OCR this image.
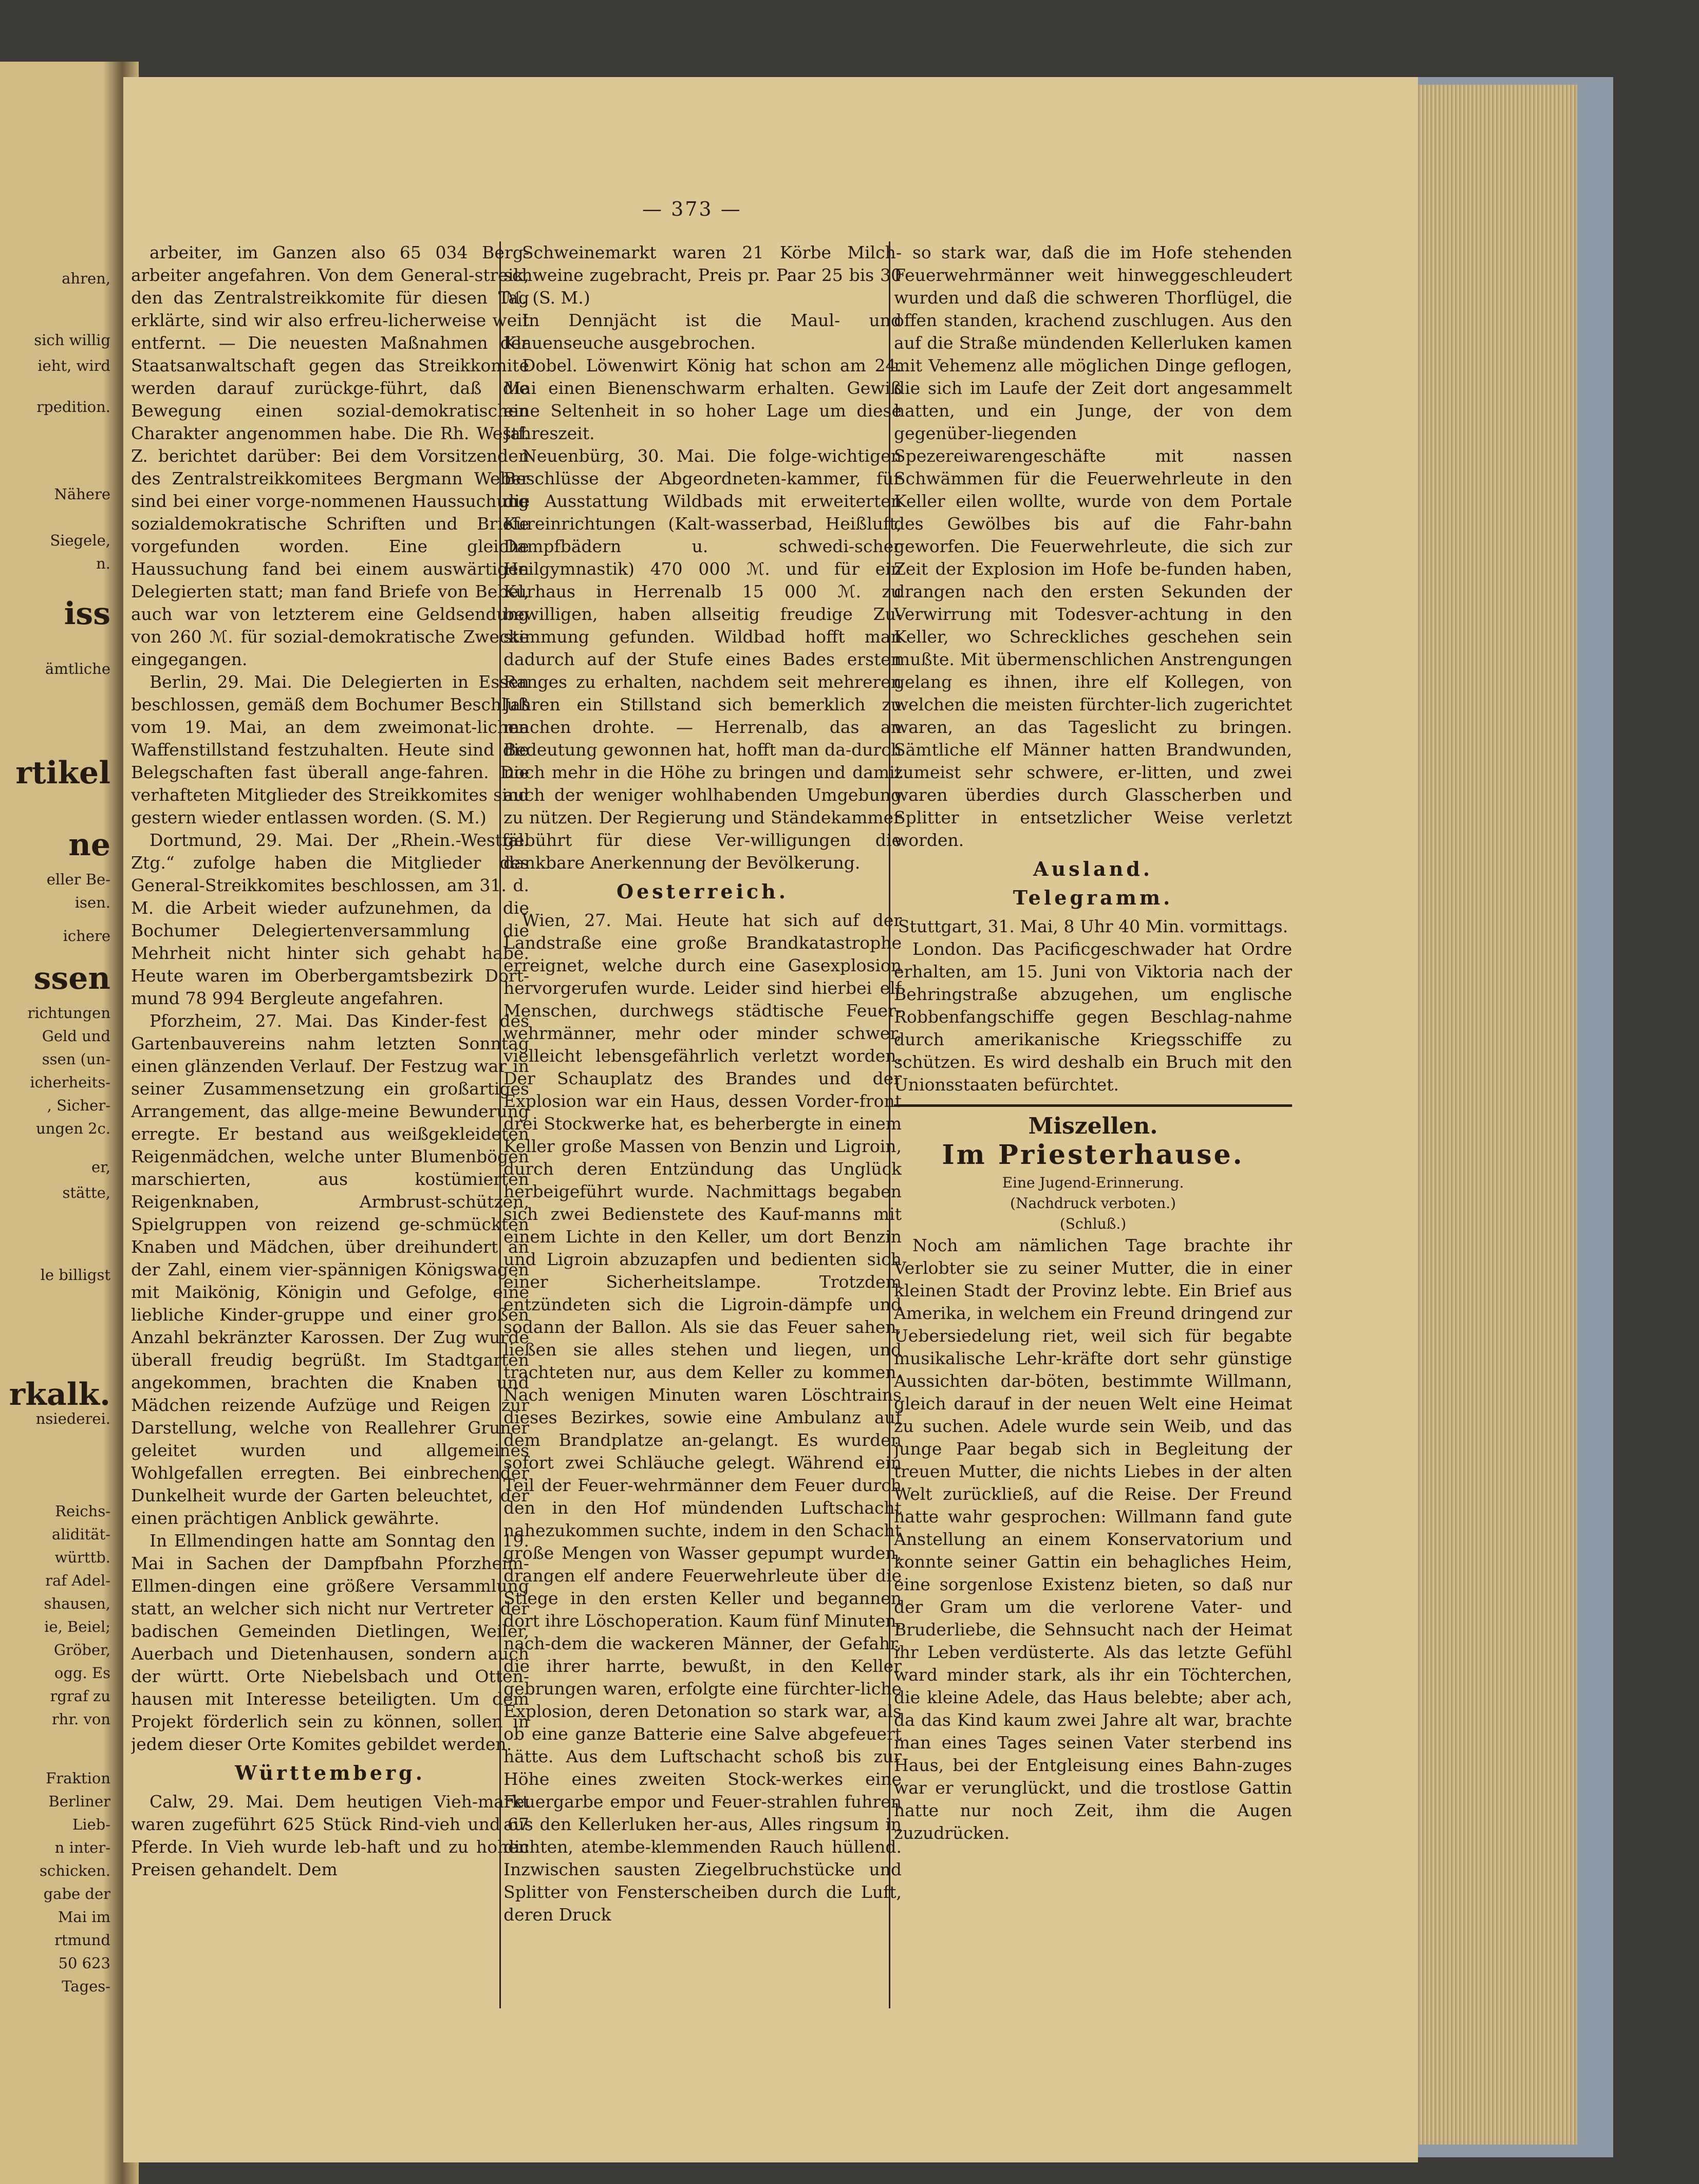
— 373 —

arbeiter, im Ganzen also 65 034 Berg-arbeiter angefahren. Von dem General-streik, den das Zentralstreikkomite für diesen Tag erklärte, sind wir also erfreu-licherweise weit entfernt. — Die neuesten Maßnahmen der Staatsanwaltschaft gegen das Streikkomite werden darauf zurückge-führt, daß die Bewegung einen sozial-demokratischen Charakter angenommen habe. Die Rh. Westf. Z. berichtet darüber: Bei dem Vorsitzenden des Zentralstreikkomitees Bergmann Weber sind bei einer vorge-nommenen Haussuchung sozialdemokratische Schriften und Briefe vorgefunden worden. Eine gleiche Haussuchung fand bei einem auswärtigen Delegierten statt; man fand Briefe von Bebel, auch war von letzterem eine Geldsendung von 260 ℳ. für sozial-demokratische Zwecke eingegangen.

Berlin, 29. Mai. Die Delegierten in Essen beschlossen, gemäß dem Bochumer Beschluß vom 19. Mai, an dem zweimonat-lichen Waffenstillstand festzuhalten. Heute sind die Belegschaften fast überall ange-fahren. Die verhafteten Mitglieder des Streikkomites sind gestern wieder entlassen worden. (S. M.)

Dortmund, 29. Mai. Der „Rhein.-Westfäl. Ztg.“ zufolge haben die Mitglieder des General-Streikkomites beschlossen, am 31. d. M. die Arbeit wieder aufzunehmen, da die Bochumer Delegiertenversammlung die Mehrheit nicht hinter sich gehabt habe. Heute waren im Oberbergamtsbezirk Dort-mund 78 994 Bergleute angefahren.

Pforzheim, 27. Mai. Das Kinder-fest des Gartenbauvereins nahm letzten Sonntag einen glänzenden Verlauf. Der Festzug war in seiner Zusammensetzung ein großartiges Arrangement, das allge-meine Bewunderung erregte. Er bestand aus weißgekleideten Reigenmädchen, welche unter Blumenbögen marschierten, aus kostümierten Reigenknaben, Armbrust-schützen, Spielgruppen von reizend ge-schmückten Knaben und Mädchen, über dreihundert an der Zahl, einem vier-spännigen Königswagen mit Maikönig, Königin und Gefolge, eine liebliche Kinder-gruppe und einer großen Anzahl bekränzter Karossen. Der Zug wurde überall freudig begrüßt. Im Stadtgarten angekommen, brachten die Knaben und Mädchen reizende Aufzüge und Reigen zur Darstellung, welche von Reallehrer Gruner geleitet wurden und allgemeines Wohlgefallen erregten. Bei einbrechender Dunkelheit wurde der Garten beleuchtet, der einen prächtigen Anblick gewährte.

In Ellmendingen hatte am Sonntag den 19. Mai in Sachen der Dampfbahn Pforzheim-Ellmen-dingen eine größere Versammlung statt, an welcher sich nicht nur Vertreter der badischen Gemeinden Dietlingen, Weiler, Auerbach und Dietenhausen, sondern auch der württ. Orte Niebelsbach und Otten-hausen mit Interesse beteiligten. Um dem Projekt förderlich sein zu können, sollen in jedem dieser Orte Komites gebildet werden.

Württemberg.

Calw, 29. Mai. Dem heutigen Vieh-markt waren zugeführt 625 Stück Rind-vieh und 67 Pferde. In Vieh wurde leb-haft und zu hohen Preisen gehandelt. Dem

Schweinemarkt waren 21 Körbe Milch-schweine zugebracht, Preis pr. Paar 25 bis 30 ℳ. (S. M.)

In Dennjächt ist die Maul- und Klauenseuche ausgebrochen.

Dobel. Löwenwirt König hat schon am 24. Mai einen Bienenschwarm erhalten. Gewiß eine Seltenheit in so hoher Lage um diese Jahreszeit.

Neuenbürg, 30. Mai. Die folge-wichtigen Beschlüsse der Abgeordneten-kammer, für die Ausstattung Wildbads mit erweiterten Kureinrichtungen (Kalt-wasserbad, Heißluft, Dampfbädern u. schwedi-scher Heilgymnastik) 470 000 ℳ. und für ein Kurhaus in Herrenalb 15 000 ℳ. zu bewilligen, haben allseitig freudige Zu-stimmung gefunden. Wildbad hofft man dadurch auf der Stufe eines Bades ersten Ranges zu erhalten, nachdem seit mehreren Jahren ein Stillstand sich bemerklich zu machen drohte. — Herrenalb, das an Bedeutung gewonnen hat, hofft man da-durch noch mehr in die Höhe zu bringen und damit auch der weniger wohlhabenden Umgebung zu nützen. Der Regierung und Ständekammer gebührt für diese Ver-willigungen die dankbare Anerkennung der Bevölkerung.

Oesterreich.

Wien, 27. Mai. Heute hat sich auf der Landstraße eine große Brandkatastrophe erreignet, welche durch eine Gasexplosion hervorgerufen wurde. Leider sind hierbei elf Menschen, durchwegs städtische Feuer-wehrmänner, mehr oder minder schwer, vielleicht lebensgefährlich verletzt worden. Der Schauplatz des Brandes und der Explosion war ein Haus, dessen Vorder-front drei Stockwerke hat, es beherbergte in einem Keller große Massen von Benzin und Ligroin, durch deren Entzündung das Unglück herbeigeführt wurde. Nachmittags begaben sich zwei Bedienstete des Kauf-manns mit einem Lichte in den Keller, um dort Benzin und Ligroin abzuzapfen und bedienten sich einer Sicherheitslampe. Trotzdem entzündeten sich die Ligroin-dämpfe und sodann der Ballon. Als sie das Feuer sahen, ließen sie alles stehen und liegen, und trachteten nur, aus dem Keller zu kommen. Nach wenigen Minuten waren Löschtrains dieses Bezirkes, sowie eine Ambulanz auf dem Brandplatze an-gelangt. Es wurden sofort zwei Schläuche gelegt. Während ein Teil der Feuer-wehrmänner dem Feuer durch den in den Hof mündenden Luftschacht nahezukommen suchte, indem in den Schacht große Mengen von Wasser gepumpt wurden, drangen elf andere Feuerwehrleute über die Stiege in den ersten Keller und begannen dort ihre Löschoperation. Kaum fünf Minuten, nach-dem die wackeren Männer, der Gefahr, die ihrer harrte, bewußt, in den Keller gebrungen waren, erfolgte eine fürchter-liche Explosion, deren Detonation so stark war, als ob eine ganze Batterie eine Salve abgefeuert hätte. Aus dem Luftschacht schoß bis zur Höhe eines zweiten Stock-werkes eine Feuergarbe empor und Feuer-strahlen fuhren aus den Kellerluken her-aus, Alles ringsum in dichten, atembe-klemmenden Rauch hüllend. Inzwischen sausten Ziegelbruchstücke und Splitter von Fensterscheiben durch die Luft, deren Druck

so stark war, daß die im Hofe stehenden Feuerwehrmänner weit hinweggeschleudert wurden und daß die schweren Thorflügel, die offen standen, krachend zuschlugen. Aus den auf die Straße mündenden Kellerluken kamen mit Vehemenz alle möglichen Dinge geflogen, die sich im Laufe der Zeit dort angesammelt hatten, und ein Junge, der von dem gegenüber-liegenden Spezereiwarengeschäfte mit nassen Schwämmen für die Feuerwehrleute in den Keller eilen wollte, wurde von dem Portale des Gewölbes bis auf die Fahr-bahn geworfen. Die Feuerwehrleute, die sich zur Zeit der Explosion im Hofe be-funden haben, drangen nach den ersten Sekunden der Verwirrung mit Todesver-achtung in den Keller, wo Schreckliches geschehen sein mußte. Mit übermenschlichen Anstrengungen gelang es ihnen, ihre elf Kollegen, von welchen die meisten fürchter-lich zugerichtet waren, an das Tageslicht zu bringen. Sämtliche elf Männer hatten Brandwunden, zumeist sehr schwere, er-litten, und zwei waren überdies durch Glasscherben und Splitter in entsetzlicher Weise verletzt worden.

Ausland.
Telegramm.

Stuttgart, 31. Mai, 8 Uhr 40 Min. vormittags.

London. Das Pacificgeschwader hat Ordre erhalten, am 15. Juni von Viktoria nach der Behringstraße abzugehen, um englische Robbenfangschiffe gegen Beschlag-nahme durch amerikanische Kriegsschiffe zu schützen. Es wird deshalb ein Bruch mit den Unionsstaaten befürchtet.

Miszellen.
Im Priesterhause.
Eine Jugend-Erinnerung.
(Nachdruck verboten.)
(Schluß.)

Noch am nämlichen Tage brachte ihr Verlobter sie zu seiner Mutter, die in einer kleinen Stadt der Provinz lebte. Ein Brief aus Amerika, in welchem ein Freund dringend zur Uebersiedelung riet, weil sich für begabte musikalische Lehr-kräfte dort sehr günstige Aussichten dar-böten, bestimmte Willmann, gleich darauf in der neuen Welt eine Heimat zu suchen. Adele wurde sein Weib, und das junge Paar begab sich in Begleitung der treuen Mutter, die nichts Liebes in der alten Welt zurückließ, auf die Reise. Der Freund hatte wahr gesprochen: Willmann fand gute Anstellung an einem Konservatorium und konnte seiner Gattin ein behagliches Heim, eine sorgenlose Existenz bieten, so daß nur der Gram um die verlorene Vater- und Bruderliebe, die Sehnsucht nach der Heimat ihr Leben verdüsterte. Als das letzte Gefühl ward minder stark, als ihr ein Töchterchen, die kleine Adele, das Haus belebte; aber ach, da das Kind kaum zwei Jahre alt war, brachte man eines Tages seinen Vater sterbend ins Haus, bei der Entgleisung eines Bahn-zuges war er verunglückt, und die trostlose Gattin hatte nur noch Zeit, ihm die Augen zuzudrücken.

ahren,
sich willig
ieht, wird
rpedition.
Nähere
Siegele,
n.
iss
ämtliche
rtikel
ne
eller Be-
isen.
ichere
ssen
richtungen
Geld und
ssen (un-
icherheits-
, Sicher-
ungen 2c.
er,
stätte,
le billigst
rkalk.
nsiederei.
Reichs-
alidität-
württb.
raf Adel-
shausen,
ie, Beiel;
Gröber,
ogg. Es
rgraf zu
rhr. von
Fraktion
Berliner
Lieb-
n inter-
schicken.
gabe der
Mai im
rtmund
50 623
Tages-
